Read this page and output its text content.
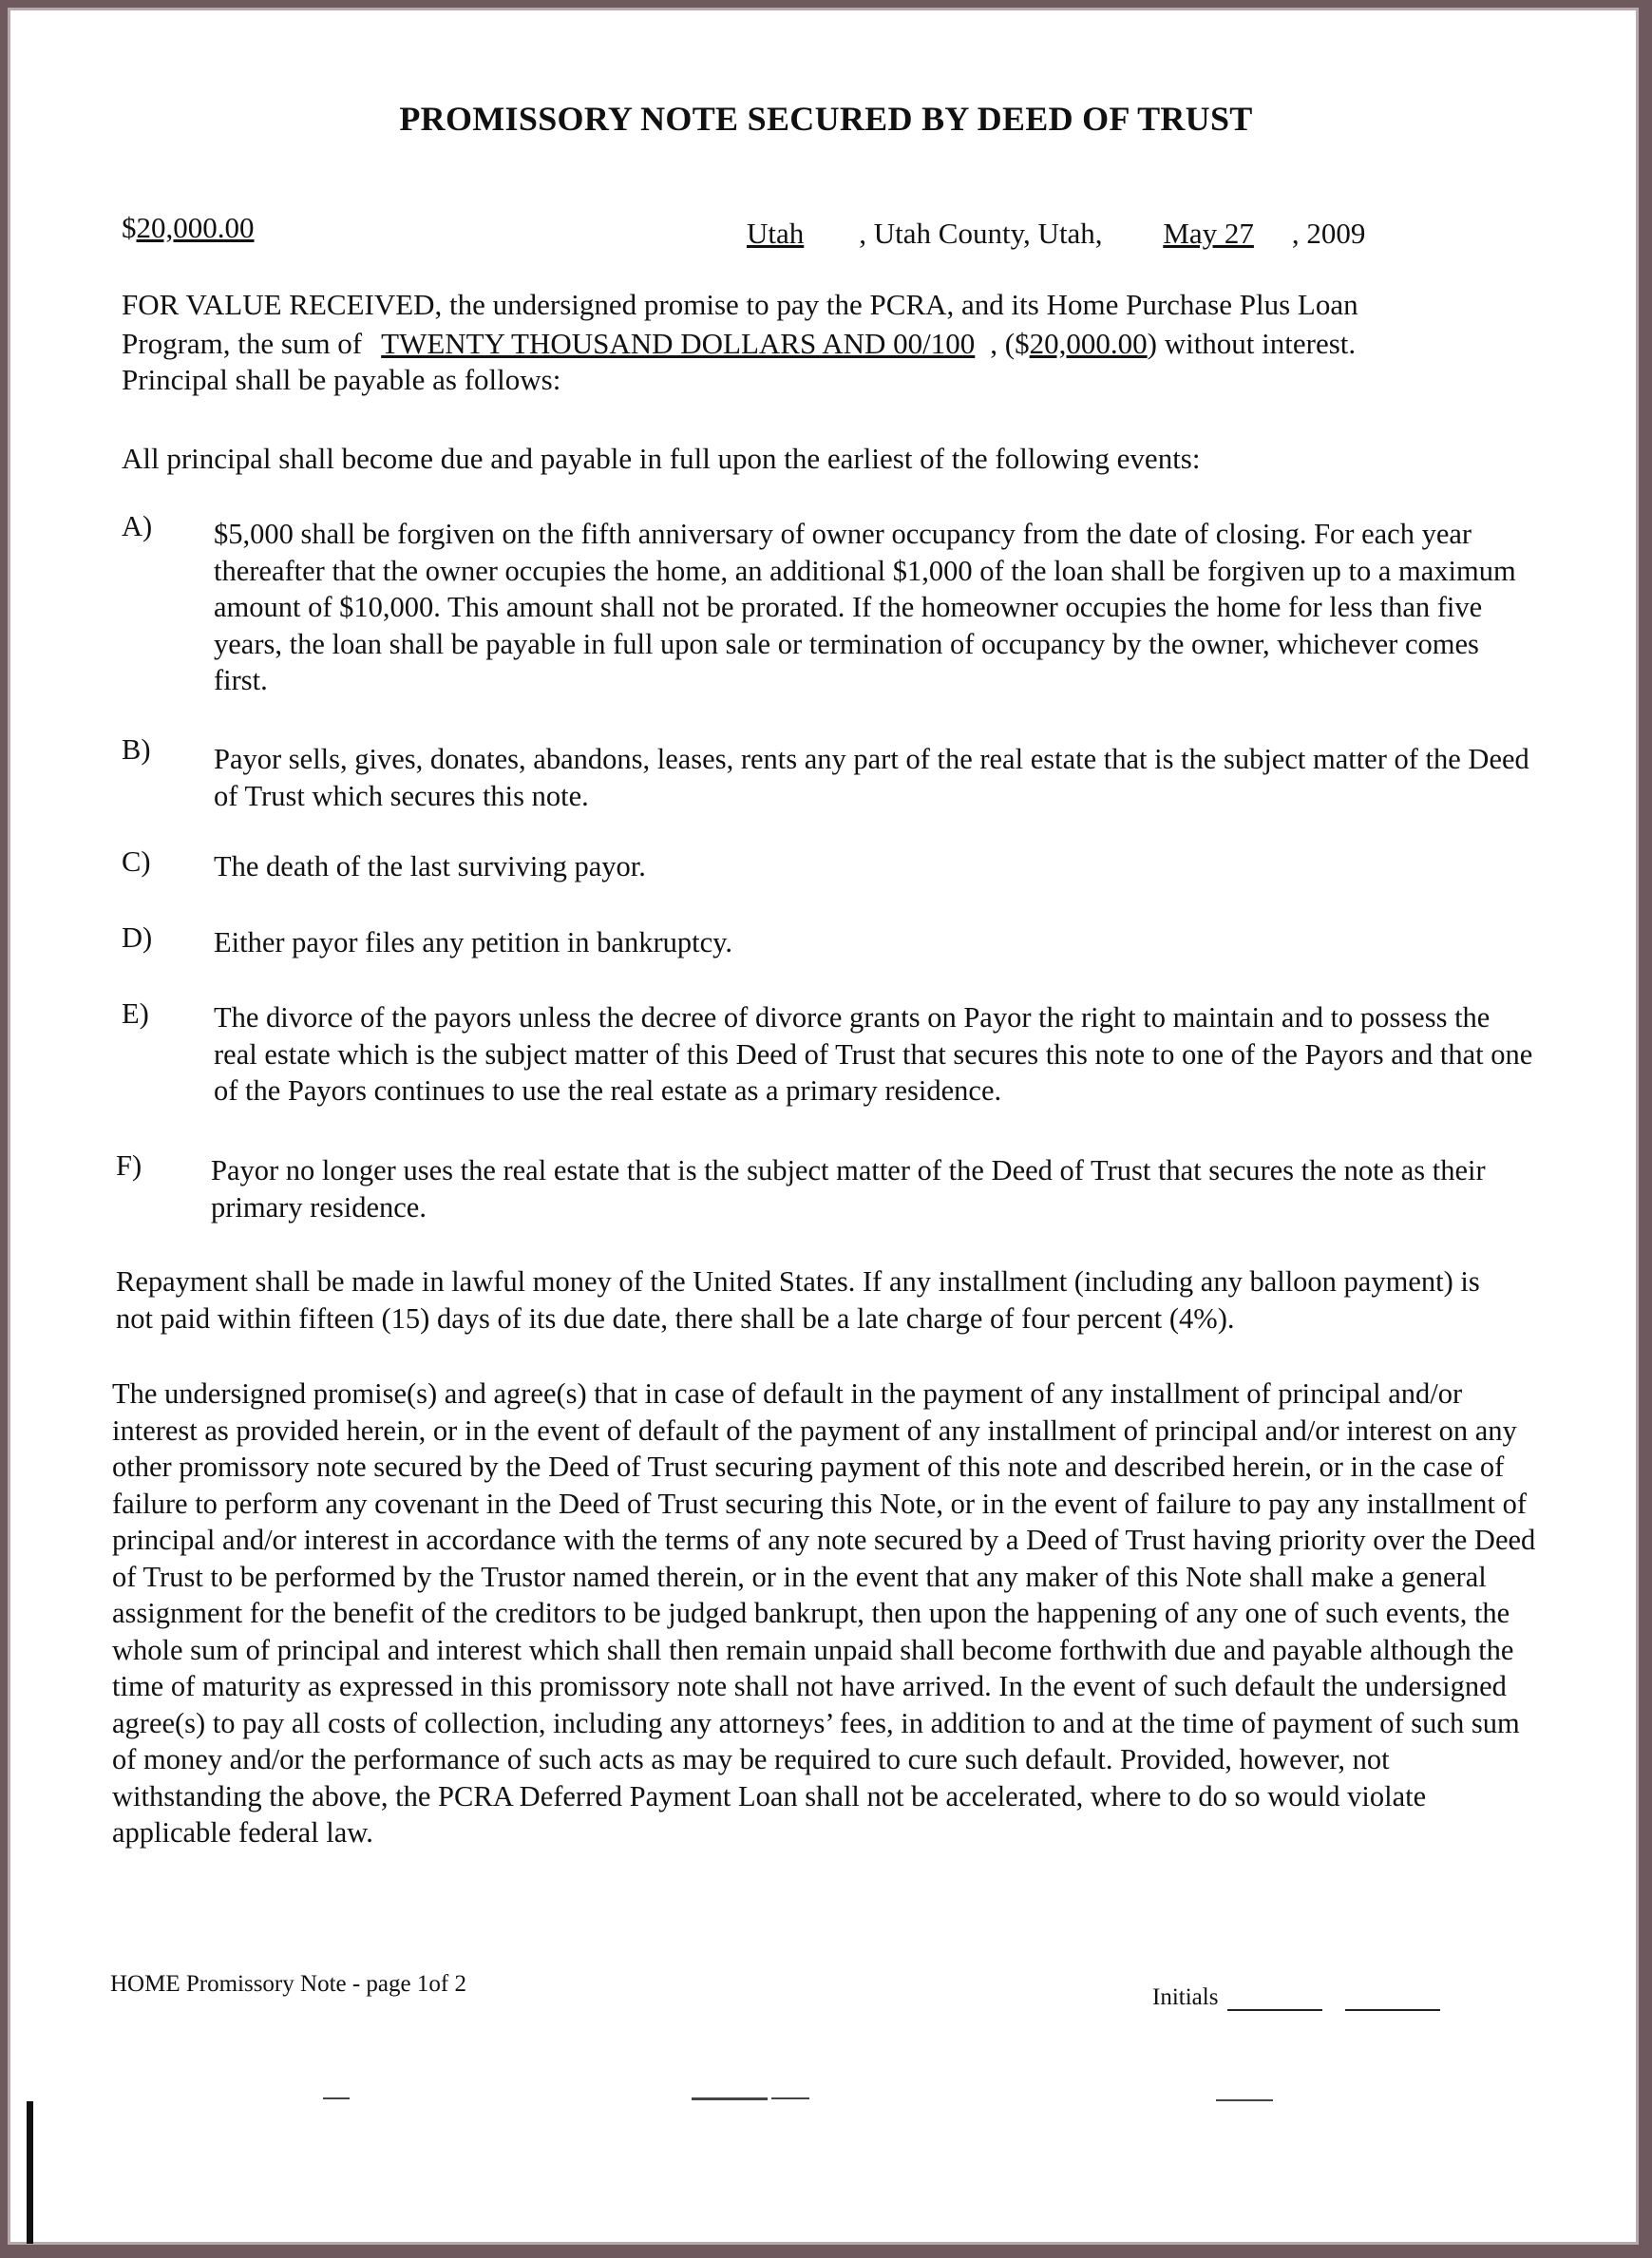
PROMISSORY NOTE SECURED BY DEED OF TRUST
$20,000.00	Utah , Utah County, Utah, May 27 , 2009
FOR VALUE RECEIVED, the undersigned promise to pay the PCRA, and its Home Purchase Plus Loan
Program, the sum of TWENTY THOUSAND DOLLARS AND 00/100 , ($20,000.00) without interest.
Principal shall be payable as follows:
All principal shall become due and payable in full upon the earliest of the following events:
A) $5,000 shall be forgiven on the fifth anniversary of owner occupancy from the date of closing. For each year thereafter that the owner occupies the home, an additional $1,000 of the loan shall be forgiven up to a maximum amount of $10,000. This amount shall not be prorated. If the homeowner occupies the home for less than five years, the loan shall be payable in full upon sale or termination of occupancy by the owner, whichever comes first.
B) Payor sells, gives, donates, abandons, leases, rents any part of the real estate that is the subject matter of the Deed of Trust which secures this note.
C) The death of the last surviving payor.
D) Either payor files any petition in bankruptcy.
E) The divorce of the payors unless the decree of divorce grants on Payor the right to maintain and to possess the real estate which is the subject matter of this Deed of Trust that secures this note to one of the Payors and that one of the Payors continues to use the real estate as a primary residence.
F) Payor no longer uses the real estate that is the subject matter of the Deed of Trust that secures the note as their primary residence.
Repayment shall be made in lawful money of the United States. If any installment (including any balloon payment) is not paid within fifteen (15) days of its due date, there shall be a late charge of four percent (4%).
The undersigned promise(s) and agree(s) that in case of default in the payment of any installment of principal and/or interest as provided herein, or in the event of default of the payment of any installment of principal and/or interest on any other promissory note secured by the Deed of Trust securing payment of this note and described herein, or in the case of failure to perform any covenant in the Deed of Trust securing this Note, or in the event of failure to pay any installment of principal and/or interest in accordance with the terms of any note secured by a Deed of Trust having priority over the Deed of Trust to be performed by the Trustor named therein, or in the event that any maker of this Note shall make a general assignment for the benefit of the creditors to be judged bankrupt, then upon the happening of any one of such events, the whole sum of principal and interest which shall then remain unpaid shall become forthwith due and payable although the time of maturity as expressed in this promissory note shall not have arrived. In the event of such default the undersigned agree(s) to pay all costs of collection, including any attorneys’ fees, in addition to and at the time of payment of such sum of money and/or the performance of such acts as may be required to cure such default. Provided, however, not withstanding the above, the PCRA Deferred Payment Loan shall not be accelerated, where to do so would violate applicable federal law.
HOME Promissory Note - page 1of 2
Initials
